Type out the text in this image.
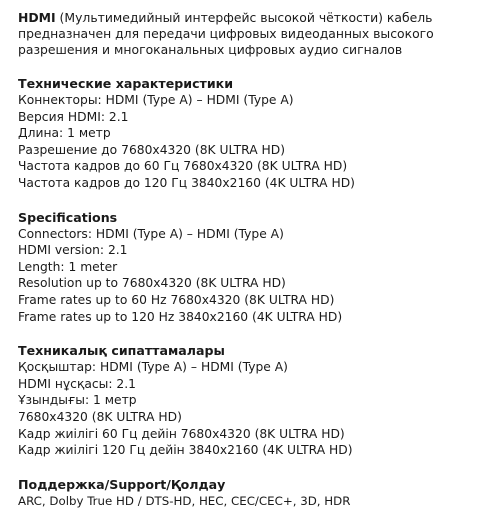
HDMI (Мультимедийный интерфейс высокой чёткости) кабель
предназначен для передачи цифровых видеоданных высокого
разрешения и многоканальных цифровых аудио сигналов
Технические характеристики
Коннекторы: HDMI (Type A) – HDMI (Type A)
Версия HDMI: 2.1
Длина: 1 метр
Разрешение до 7680x4320 (8K ULTRA HD)
Частота кадров до 60 Гц 7680x4320 (8K ULTRA HD)
Частота кадров до 120 Гц 3840x2160 (4K ULTRA HD)
Specifications
Connectors: HDMI (Type A) – HDMI (Type A)
HDMI version: 2.1
Length: 1 meter
Resolution up to 7680x4320 (8K ULTRA HD)
Frame rates up to 60 Hz 7680x4320 (8K ULTRA HD)
Frame rates up to 120 Hz 3840x2160 (4K ULTRA HD)
Техникалық сипаттамалары
Қосқыштар: HDMI (Type A) – HDMI (Type A)
HDMI нұсқасы: 2.1
Ұзындығы: 1 метр
7680x4320 (8K ULTRA HD)
Кадр жиілігі 60 Гц дейін 7680x4320 (8K ULTRA HD)
Кадр жиілігі 120 Гц дейін 3840x2160 (4K ULTRA HD)
Поддержка/Support/Қолдау
ARC, Dolby True HD / DTS-HD, HEC, CEC/CEC+, 3D, HDR
